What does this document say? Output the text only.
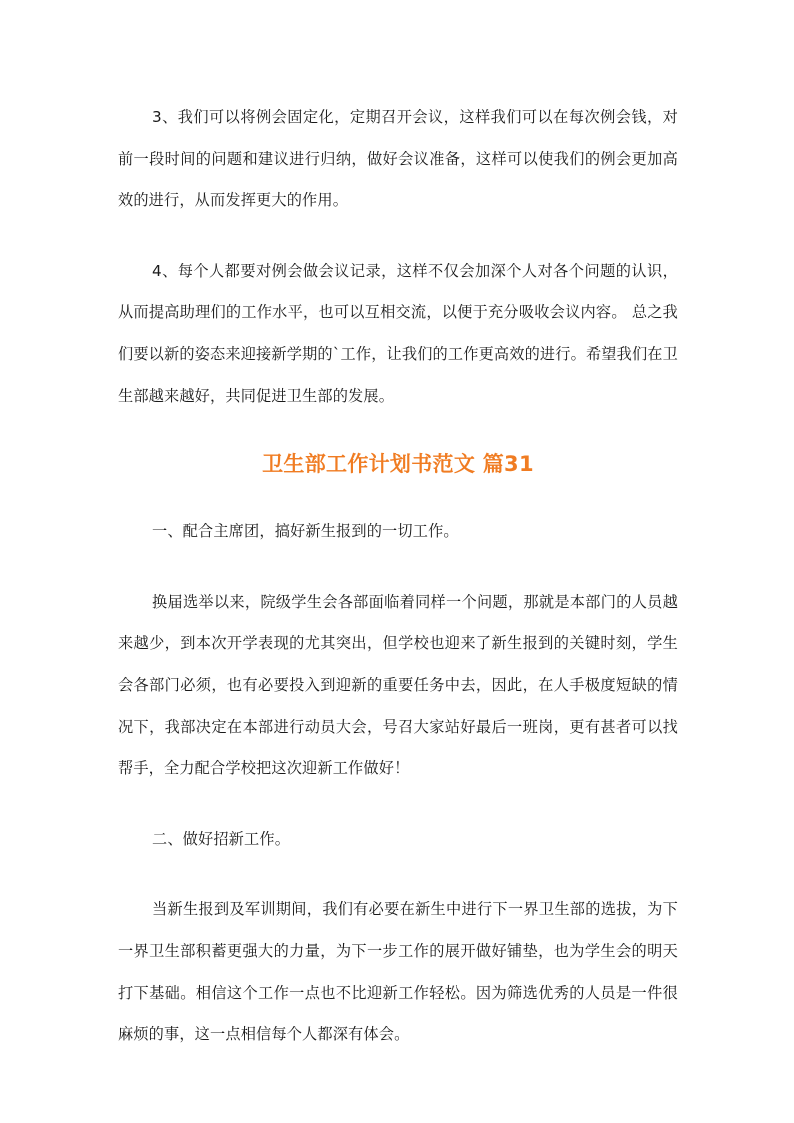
3、我们可以将例会固定化，定期召开会议，这样我们可以在每次例会钱，对前一段时间的问题和建议进行归纳，做好会议准备，这样可以使我们的例会更加高效的进行，从而发挥更大的作用。

4、每个人都要对例会做会议记录，这样不仅会加深个人对各个问题的认识，从而提高助理们的工作水平，也可以互相交流，以便于充分吸收会议内容。 总之我们要以新的姿态来迎接新学期的`工作，让我们的工作更高效的进行。希望我们在卫生部越来越好，共同促进卫生部的发展。

卫生部工作计划书范文 篇31

一、配合主席团，搞好新生报到的一切工作。

换届选举以来，院级学生会各部面临着同样一个问题，那就是本部门的人员越来越少，到本次开学表现的尤其突出，但学校也迎来了新生报到的关键时刻，学生会各部门必须，也有必要投入到迎新的重要任务中去，因此，在人手极度短缺的情况下，我部决定在本部进行动员大会，号召大家站好最后一班岗，更有甚者可以找帮手，全力配合学校把这次迎新工作做好！

二、做好招新工作。

当新生报到及军训期间，我们有必要在新生中进行下一界卫生部的选拔，为下一界卫生部积蓄更强大的力量，为下一步工作的展开做好铺垫，也为学生会的明天打下基础。相信这个工作一点也不比迎新工作轻松。因为筛选优秀的人员是一件很麻烦的事，这一点相信每个人都深有体会。
